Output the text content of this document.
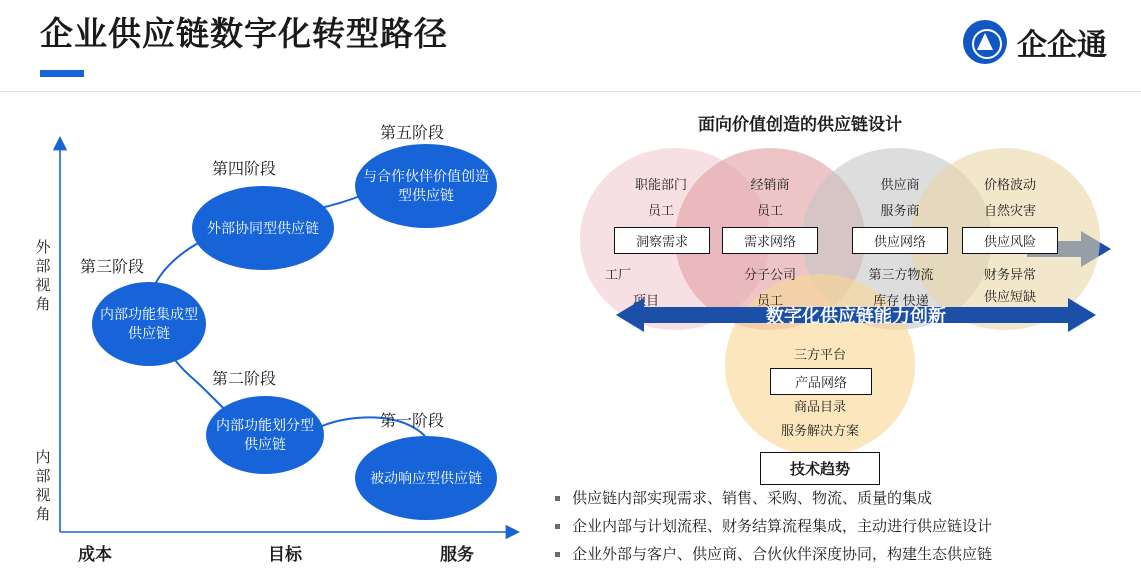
企业供应链数字化转型路径	企企通
外部视角
内部视角
成本	目标	服务
第五阶段
第四阶段
第三阶段
第二阶段
第一阶段
与合作伙伴价值创造型供应链
外部协同型供应链
内部功能集成型供应链
内部功能划分型供应链
被动响应型供应链
面向价值创造的供应链设计
职能部门
员工
洞察需求
工厂
项目
经销商
员工
需求网络
分子公司
员工
供应商
服务商
供应网络
第三方物流
库存 快递
价格波动
自然灾害
供应风险
财务异常
供应短缺
数字化供应链能力创新
三方平台
产品网络
商品目录
服务解决方案
技术趋势
供应链内部实现需求、销售、采购、物流、质量的集成
企业内部与计划流程、财务结算流程集成，主动进行供应链设计
企业外部与客户、供应商、合伙伙伴深度协同，构建生态供应链
